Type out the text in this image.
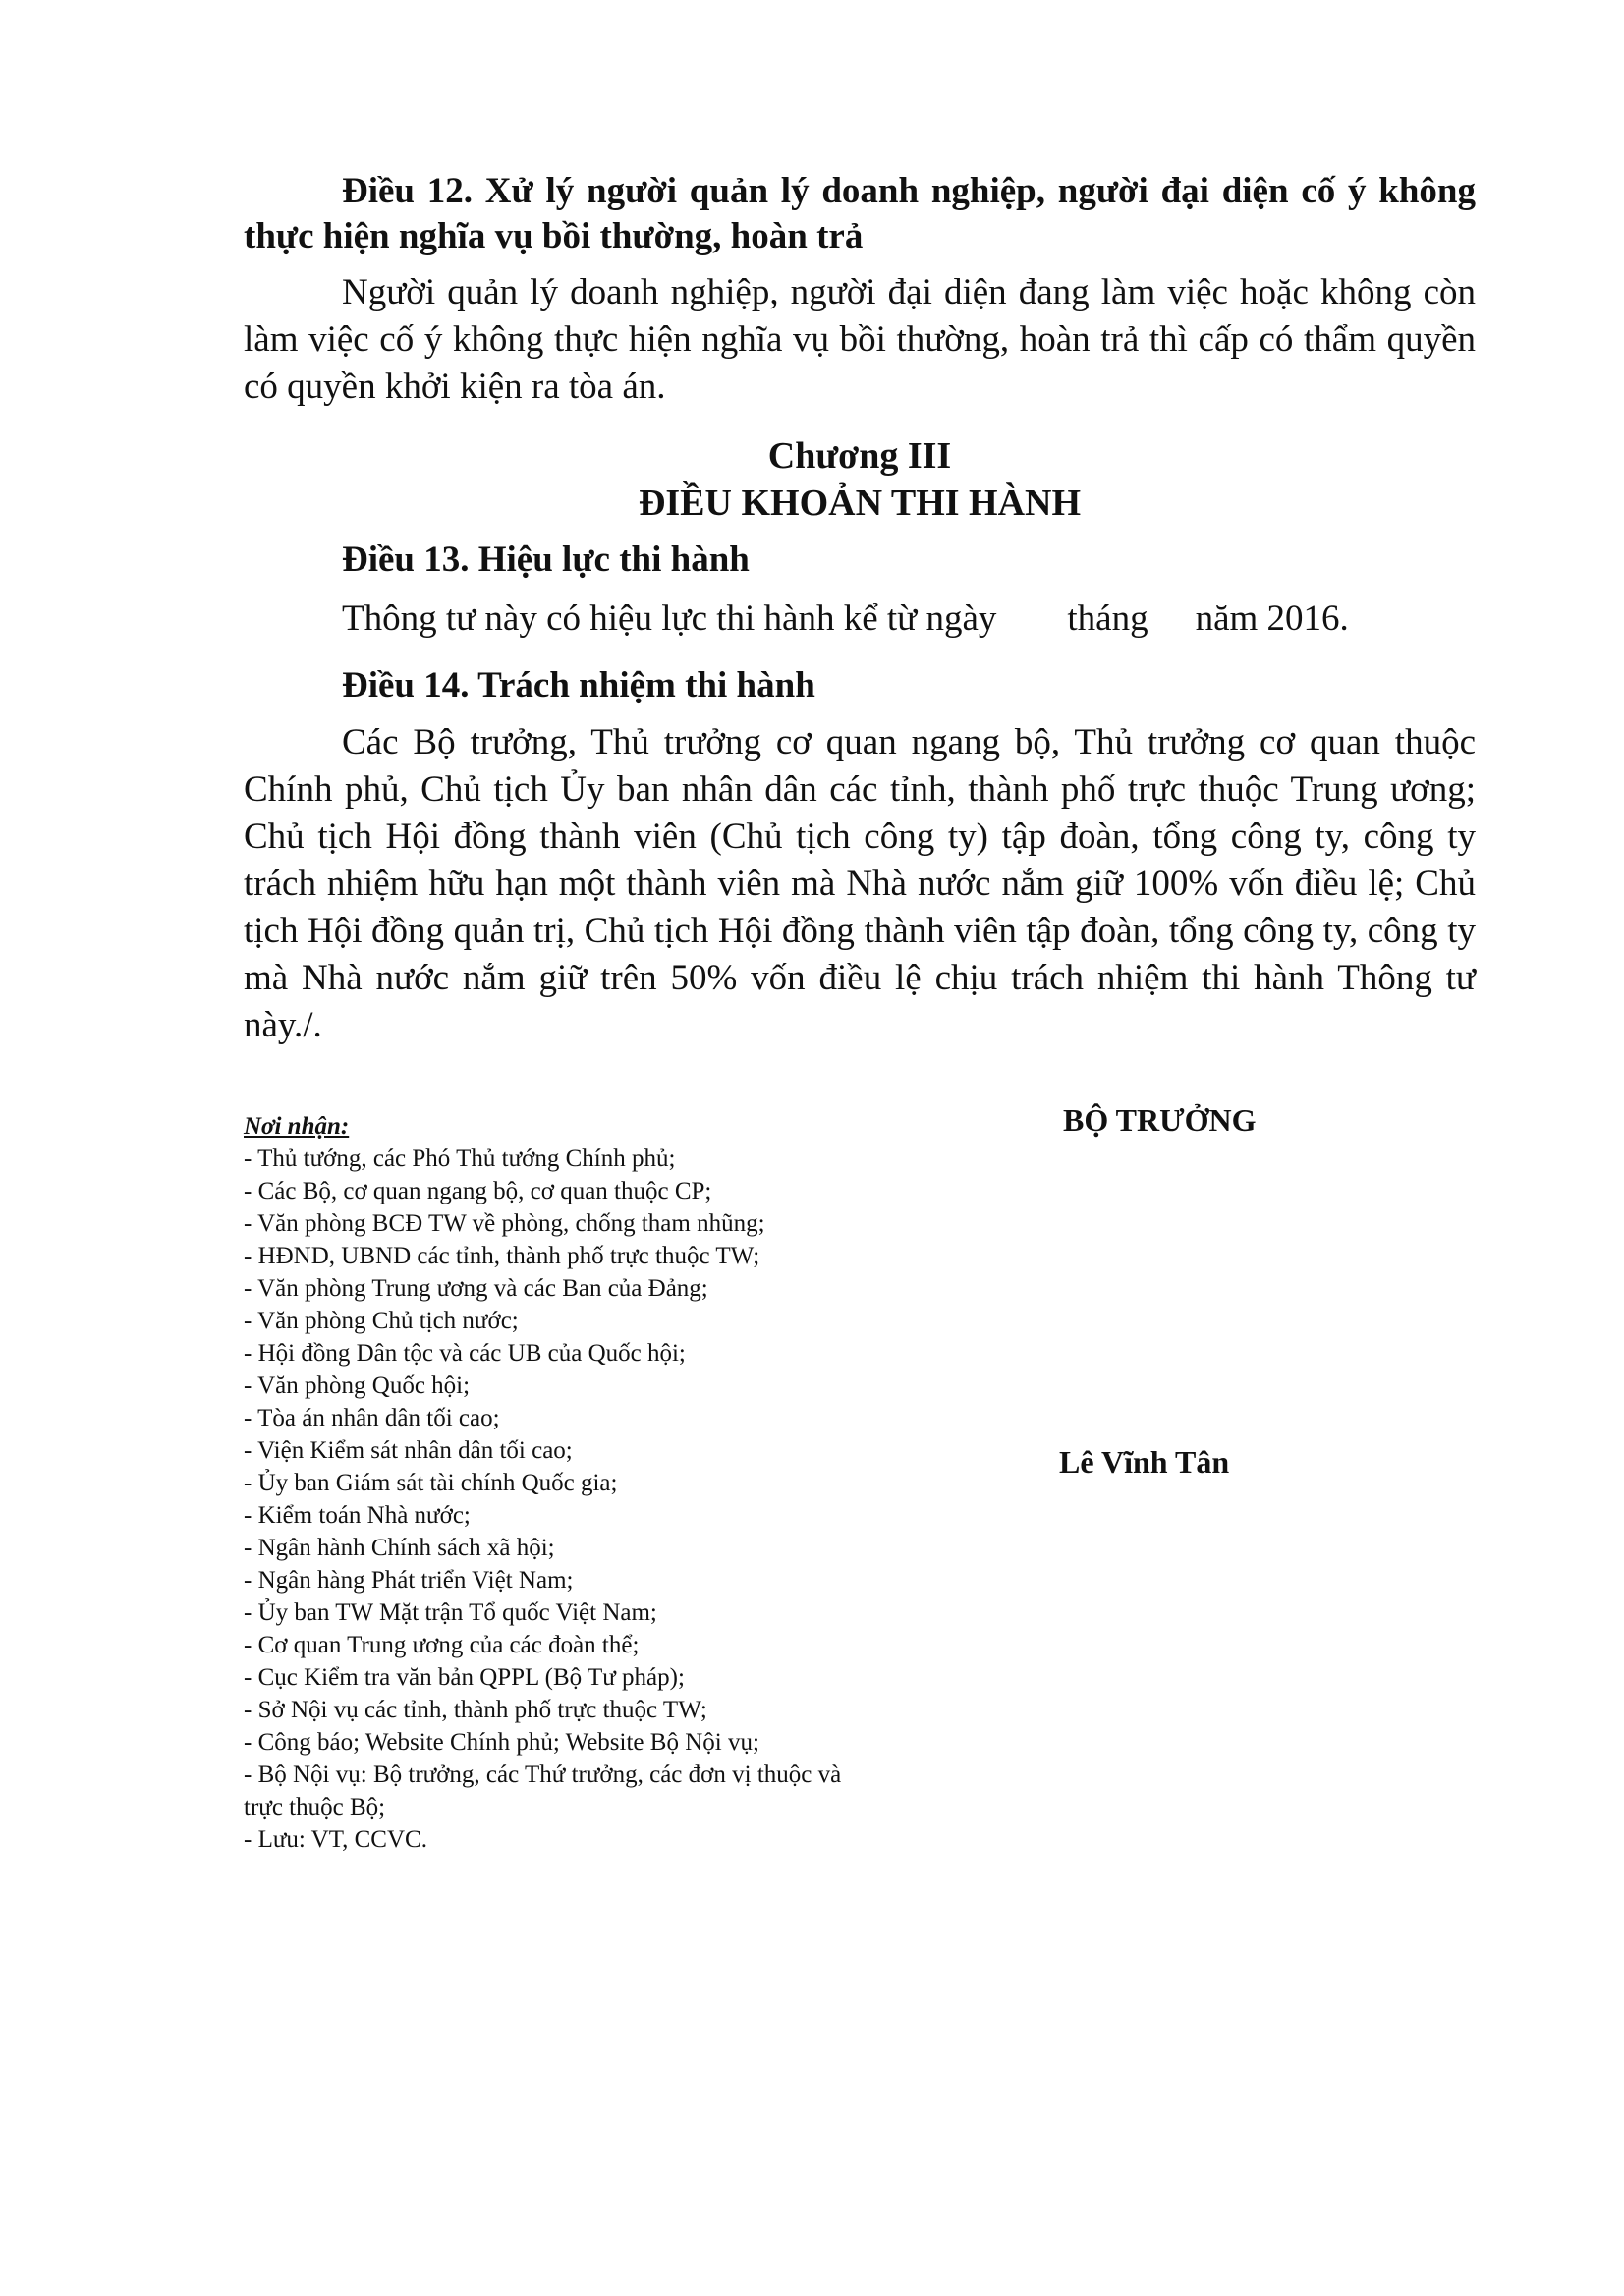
Điều 12. Xử lý người quản lý doanh nghiệp, người đại diện cố ý không thực hiện nghĩa vụ bồi thường, hoàn trả
Người quản lý doanh nghiệp, người đại diện đang làm việc hoặc không còn làm việc cố ý không thực hiện nghĩa vụ bồi thường, hoàn trả thì cấp có thẩm quyền có quyền khởi kiện ra tòa án.
Chương III
ĐIỀU KHOẢN THI HÀNH
Điều 13. Hiệu lực thi hành
Thông tư này có hiệu lực thi hành kể từ ngày tháng năm 2016.
Điều 14. Trách nhiệm thi hành
Các Bộ trưởng, Thủ trưởng cơ quan ngang bộ, Thủ trưởng cơ quan thuộc Chính phủ, Chủ tịch Ủy ban nhân dân các tỉnh, thành phố trực thuộc Trung ương; Chủ tịch Hội đồng thành viên (Chủ tịch công ty) tập đoàn, tổng công ty, công ty trách nhiệm hữu hạn một thành viên mà Nhà nước nắm giữ 100% vốn điều lệ; Chủ tịch Hội đồng quản trị, Chủ tịch Hội đồng thành viên tập đoàn, tổng công ty, công ty mà Nhà nước nắm giữ trên 50% vốn điều lệ chịu trách nhiệm thi hành Thông tư này./.
Nơi nhận:
- Thủ tướng, các Phó Thủ tướng Chính phủ;
- Các Bộ, cơ quan ngang bộ, cơ quan thuộc CP;
- Văn phòng BCĐ TW về phòng, chống tham nhũng;
- HĐND, UBND các tỉnh, thành phố trực thuộc TW;
- Văn phòng Trung ương và các Ban của Đảng;
- Văn phòng Chủ tịch nước;
- Hội đồng Dân tộc và các UB của Quốc hội;
- Văn phòng Quốc hội;
- Tòa án nhân dân tối cao;
- Viện Kiểm sát nhân dân tối cao;
- Ủy ban Giám sát tài chính Quốc gia;
- Kiểm toán Nhà nước;
- Ngân hành Chính sách xã hội;
- Ngân hàng Phát triển Việt Nam;
- Ủy ban TW Mặt trận Tổ quốc Việt Nam;
- Cơ quan Trung ương của các đoàn thể;
- Cục Kiểm tra văn bản QPPL (Bộ Tư pháp);
- Sở Nội vụ các tỉnh, thành phố trực thuộc TW;
- Công báo; Website Chính phủ; Website Bộ Nội vụ;
- Bộ Nội vụ: Bộ trưởng, các Thứ trưởng, các đơn vị thuộc và trực thuộc Bộ;
- Lưu: VT, CCVC.
BỘ TRƯỞNG
Lê Vĩnh Tân
